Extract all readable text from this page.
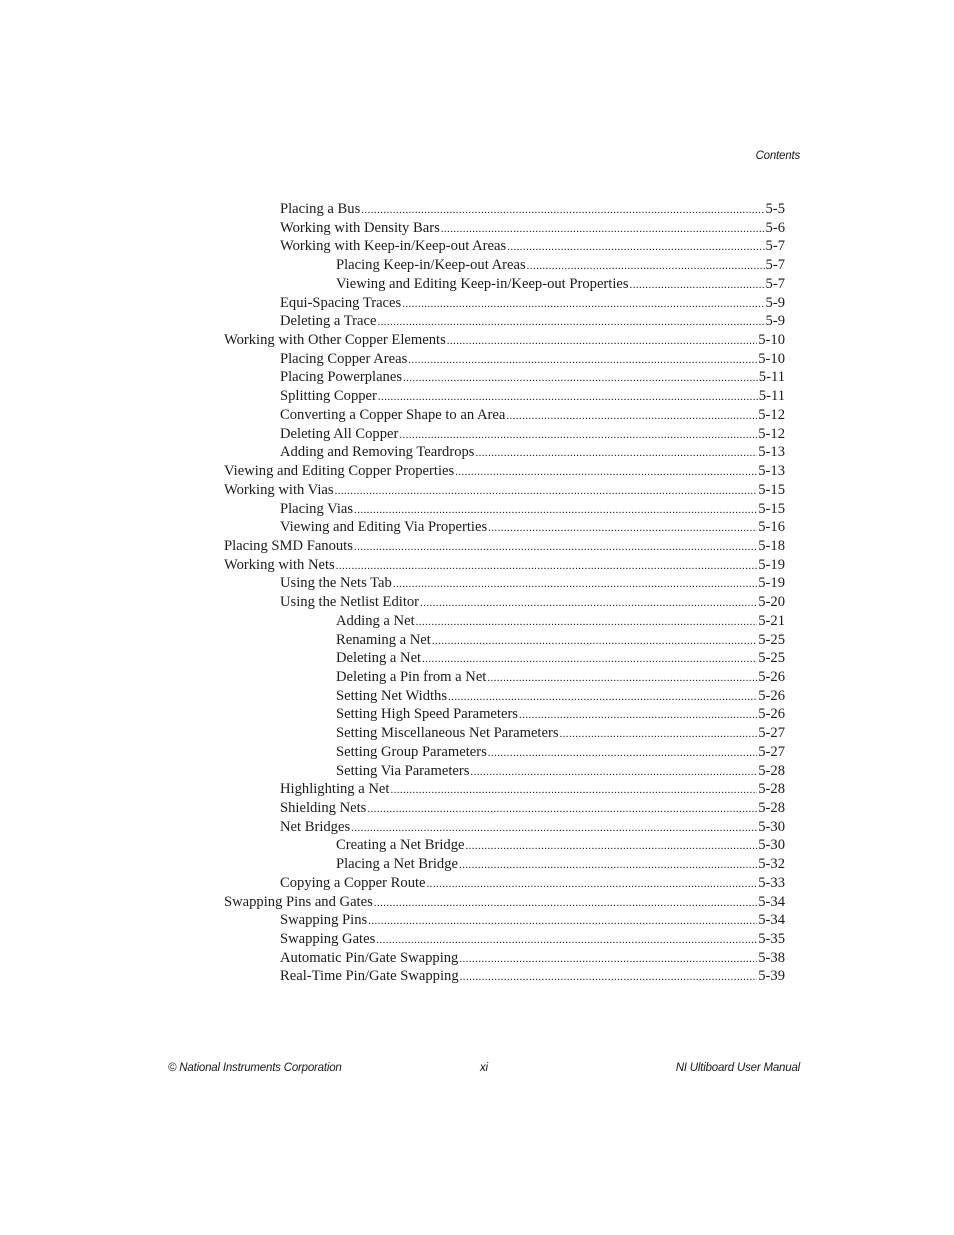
Contents
Placing a Bus .....	5-5
Working with Density Bars .....	5-6
Working with Keep-in/Keep-out Areas .....	5-7
Placing Keep-in/Keep-out Areas .....	5-7
Viewing and Editing Keep-in/Keep-out Properties .....	5-7
Equi-Spacing Traces .....	5-9
Deleting a Trace .....	5-9
Working with Other Copper Elements .....	5-10
Placing Copper Areas .....	5-10
Placing Powerplanes .....	5-11
Splitting Copper .....	5-11
Converting a Copper Shape to an Area .....	5-12
Deleting All Copper .....	5-12
Adding and Removing Teardrops .....	5-13
Viewing and Editing Copper Properties .....	5-13
Working with Vias .....	5-15
Placing Vias .....	5-15
Viewing and Editing Via Properties .....	5-16
Placing SMD Fanouts .....	5-18
Working with Nets .....	5-19
Using the Nets Tab .....	5-19
Using the Netlist Editor .....	5-20
Adding a Net .....	5-21
Renaming a Net .....	5-25
Deleting a Net .....	5-25
Deleting a Pin from a Net .....	5-26
Setting Net Widths .....	5-26
Setting High Speed Parameters .....	5-26
Setting Miscellaneous Net Parameters .....	5-27
Setting Group Parameters .....	5-27
Setting Via Parameters .....	5-28
Highlighting a Net .....	5-28
Shielding Nets .....	5-28
Net Bridges .....	5-30
Creating a Net Bridge .....	5-30
Placing a Net Bridge .....	5-32
Copying a Copper Route .....	5-33
Swapping Pins and Gates .....	5-34
Swapping Pins .....	5-34
Swapping Gates .....	5-35
Automatic Pin/Gate Swapping .....	5-38
Real-Time Pin/Gate Swapping .....	5-39
© National Instruments Corporation	xi	NI Ultiboard User Manual
